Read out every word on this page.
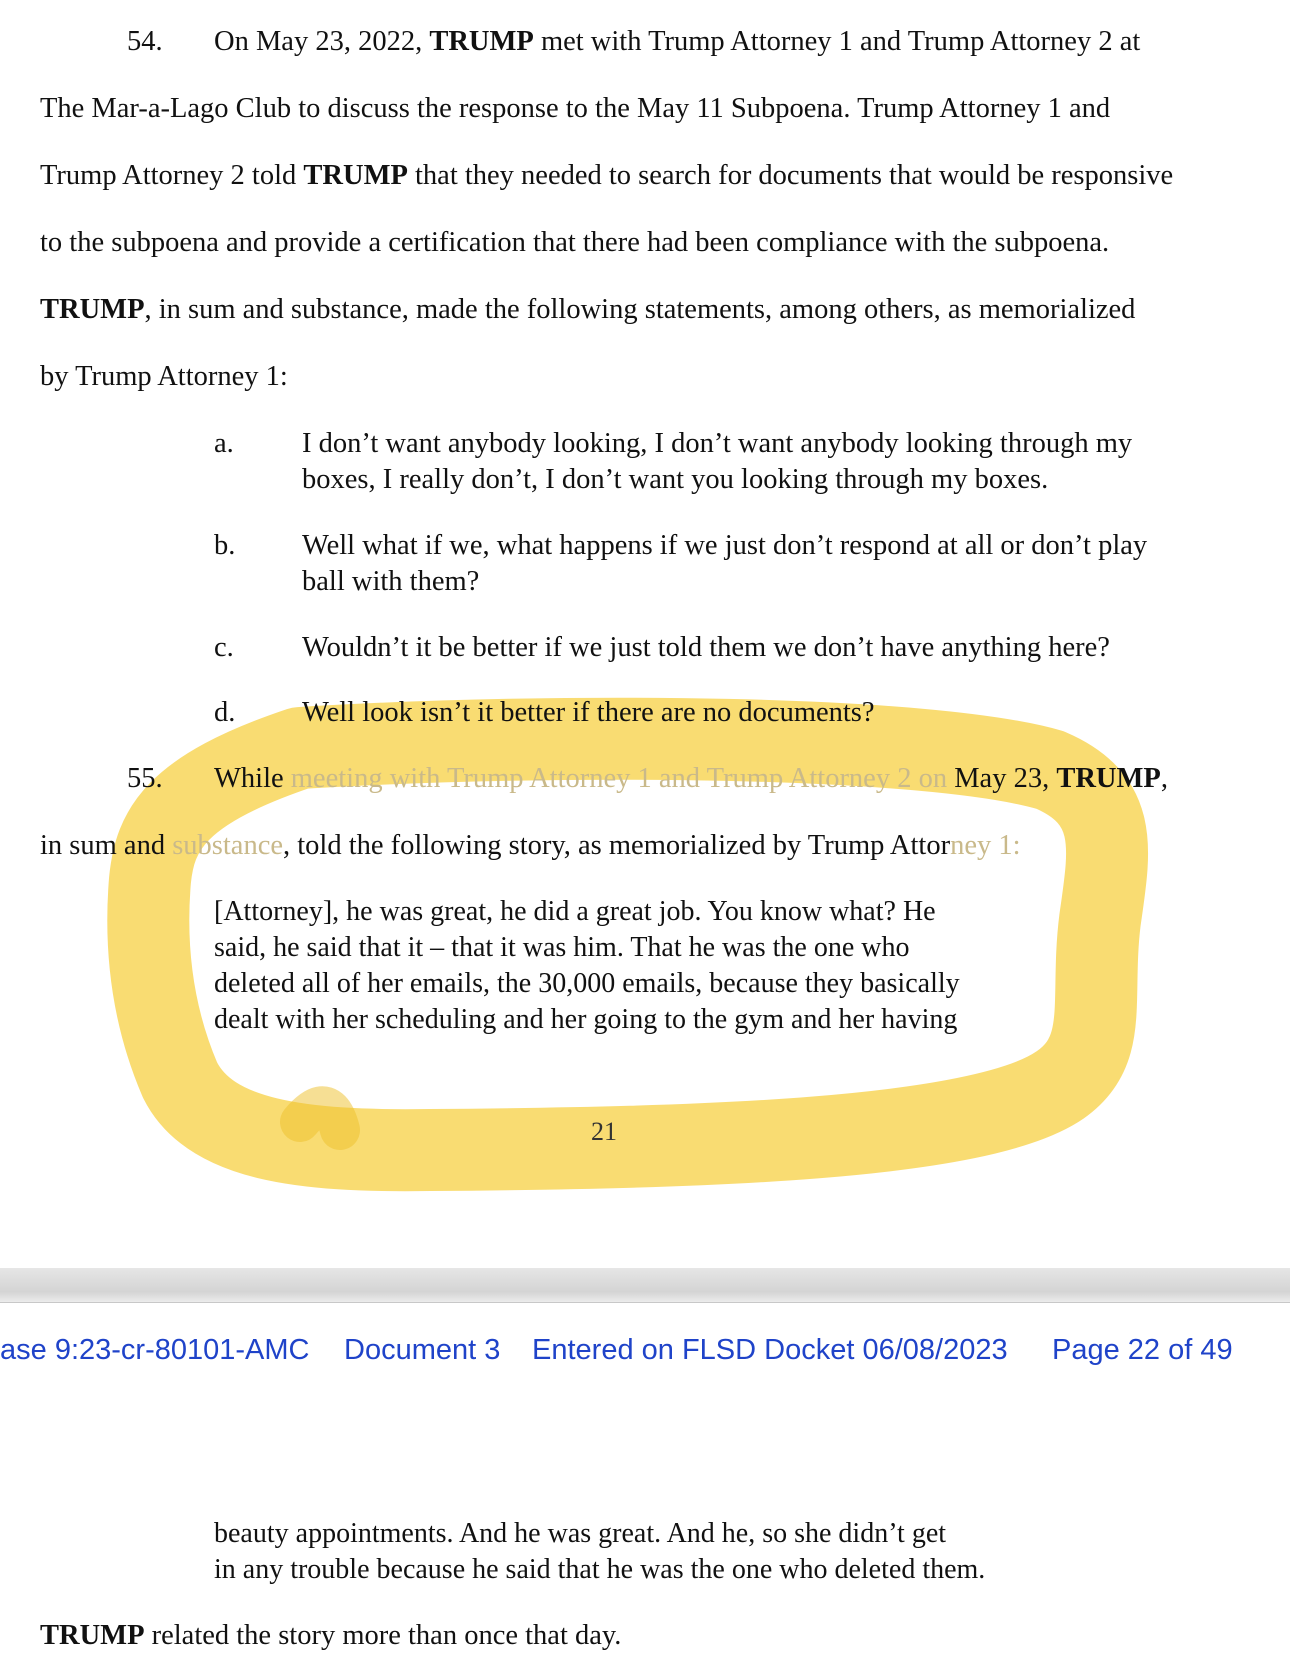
54. On May 23, 2022, TRUMP met with Trump Attorney 1 and Trump Attorney 2 at
The Mar-a-Lago Club to discuss the response to the May 11 Subpoena. Trump Attorney 1 and
Trump Attorney 2 told TRUMP that they needed to search for documents that would be responsive
to the subpoena and provide a certification that there had been compliance with the subpoena.
TRUMP, in sum and substance, made the following statements, among others, as memorialized
by Trump Attorney 1:
a. I don’t want anybody looking, I don’t want anybody looking through my
boxes, I really don’t, I don’t want you looking through my boxes.
b. Well what if we, what happens if we just don’t respond at all or don’t play
ball with them?
c. Wouldn’t it be better if we just told them we don’t have anything here?
d. Well look isn’t it better if there are no documents?
55. While meeting with Trump Attorney 1 and Trump Attorney 2 on May 23, TRUMP,
in sum and substance, told the following story, as memorialized by Trump Attorney 1:
[Attorney], he was great, he did a great job. You know what? He
said, he said that it – that it was him. That he was the one who
deleted all of her emails, the 30,000 emails, because they basically
dealt with her scheduling and her going to the gym and her having
21
ase 9:23-cr-80101-AMC Document 3 Entered on FLSD Docket 06/08/2023 Page 22 of 49
beauty appointments. And he was great. And he, so she didn’t get
in any trouble because he said that he was the one who deleted them.
TRUMP related the story more than once that day.
